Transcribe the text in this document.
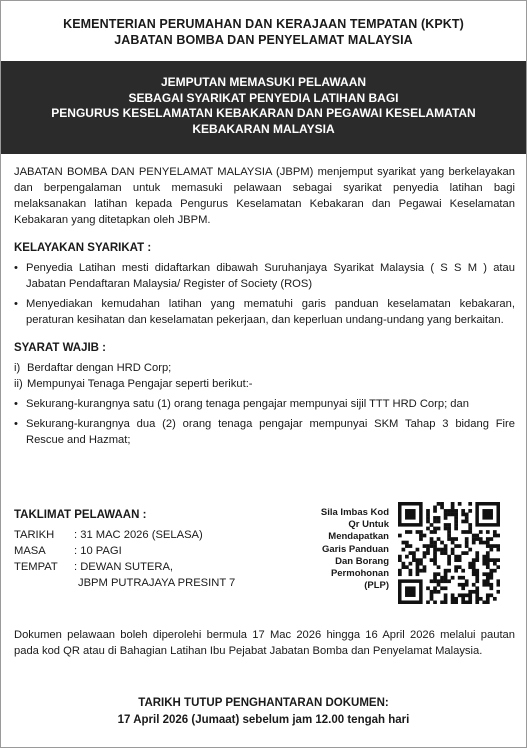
KEMENTERIAN PERUMAHAN DAN KERAJAAN TEMPATAN (KPKT)
JABATAN BOMBA DAN PENYELAMAT MALAYSIA
JEMPUTAN MEMASUKI PELAWAAN
SEBAGAI SYARIKAT PENYEDIA LATIHAN BAGI
PENGURUS KESELAMATAN KEBAKARAN DAN PEGAWAI KESELAMATAN
KEBAKARAN MALAYSIA
JABATAN BOMBA DAN PENYELAMAT MALAYSIA (JBPM) menjemput syarikat yang berkelayakan dan berpengalaman untuk memasuki pelawaan sebagai syarikat penyedia latihan bagi melaksanakan latihan kepada Pengurus Keselamatan Kebakaran dan Pegawai Keselamatan Kebakaran yang ditetapkan oleh JBPM.
KELAYAKAN SYARIKAT :
• Penyedia Latihan mesti didaftarkan dibawah Suruhanjaya Syarikat Malaysia ( S S M ) atau Jabatan Pendaftaran Malaysia/ Register of Society (ROS)
• Menyediakan kemudahan latihan yang mematuhi garis panduan keselamatan kebakaran, peraturan kesihatan dan keselamatan pekerjaan, dan keperluan undang-undang yang berkaitan.
SYARAT WAJIB :
i) Berdaftar dengan HRD Corp;
ii) Mempunyai Tenaga Pengajar seperti berikut:-
• Sekurang-kurangnya satu (1) orang tenaga pengajar mempunyai sijil TTT HRD Corp; dan
• Sekurang-kurangnya dua (2) orang tenaga pengajar mempunyai SKM Tahap 3 bidang Fire Rescue and Hazmat;
TAKLIMAT PELAWAAN :
TARIKH	: 31 MAC 2026 (SELASA)
MASA	: 10 PAGI
TEMPAT	: DEWAN SUTERA,
JBPM PUTRAJAYA PRESINT 7
Sila Imbas Kod
Qr Untuk
Mendapatkan
Garis Panduan
Dan Borang
Permohonan
(PLP)
Dokumen pelawaan boleh diperolehi bermula 17 Mac 2026 hingga 16 April 2026 melalui pautan pada kod QR atau di Bahagian Latihan Ibu Pejabat Jabatan Bomba dan Penyelamat Malaysia.
TARIKH TUTUP PENGHANTARAN DOKUMEN:
17 April 2026 (Jumaat) sebelum jam 12.00 tengah hari
